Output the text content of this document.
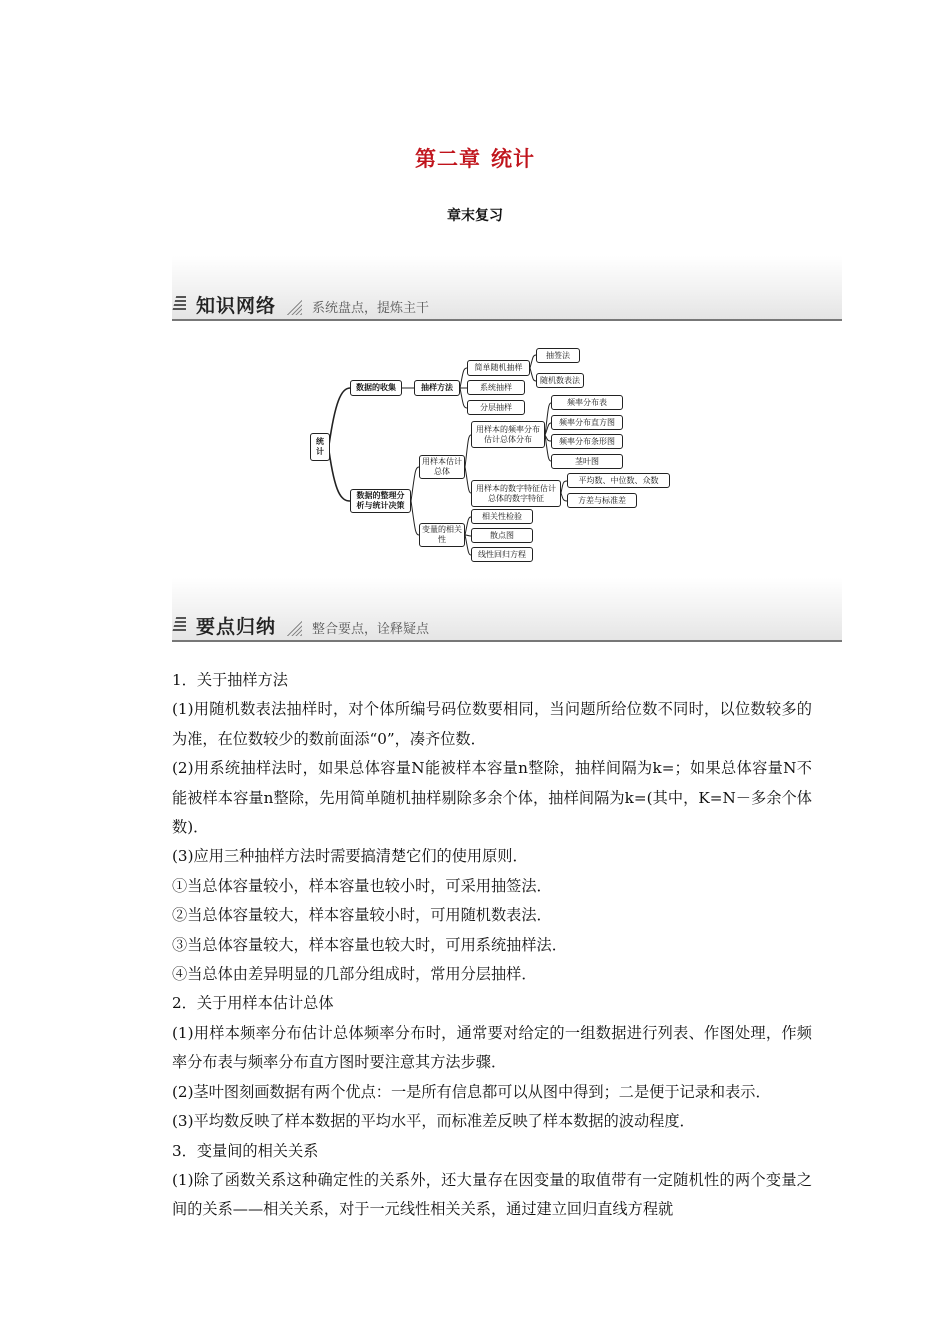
第二章 统计
章末复习
知识网络	系统盘点，提炼主干
统计
数据的收集	抽样方法
简单随机抽样
抽签法
随机数表法
系统抽样
分层抽样
数据的整理分析与统计决策
用样本估计总体
用样本的频率分布估计总体分布
频率分布表
频率分布直方图
频率分布条形图
茎叶图
用样本的数字特征估计总体的数字特征
平均数、中位数、众数
方差与标准差
变量的相关性
相关性检验
散点图
线性回归方程
要点归纳	整合要点，诠释疑点

1．关于抽样方法

(1)用随机数表法抽样时，对个体所编号码位数要相同，当问题所给位数不同时，以位数较多的为准，在位数较少的数前面添“0”，凑齐位数．

(2)用系统抽样法时，如果总体容量N能被样本容量n整除，抽样间隔为k=；如果总体容量N不能被样本容量n整除，先用简单随机抽样剔除多余个体，抽样间隔为k=(其中，K=N－多余个体数)．

(3)应用三种抽样方法时需要搞清楚它们的使用原则．

①当总体容量较小，样本容量也较小时，可采用抽签法．

②当总体容量较大，样本容量较小时，可用随机数表法．

③当总体容量较大，样本容量也较大时，可用系统抽样法．

④当总体由差异明显的几部分组成时，常用分层抽样．

2．关于用样本估计总体

(1)用样本频率分布估计总体频率分布时，通常要对给定的一组数据进行列表、作图处理，作频率分布表与频率分布直方图时要注意其方法步骤．

(2)茎叶图刻画数据有两个优点：一是所有信息都可以从图中得到；二是便于记录和表示．

(3)平均数反映了样本数据的平均水平，而标准差反映了样本数据的波动程度．

3．变量间的相关关系

(1)除了函数关系这种确定性的关系外，还大量存在因变量的取值带有一定随机性的两个变量之间的关系——相关关系，对于一元线性相关关系，通过建立回归直线方程就
